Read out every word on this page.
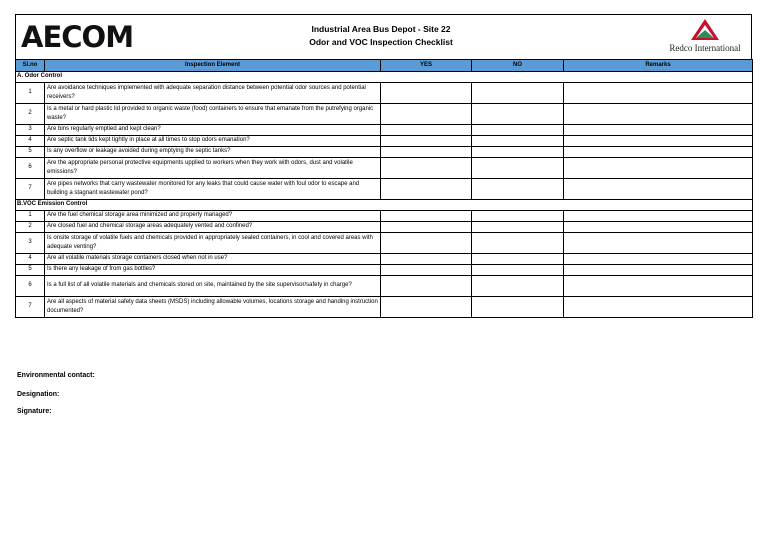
AECOM	Industrial Area Bus Depot - Site 22
Odor and VOC Inspection Checklist
Redco International
Sl.no	Inspection Element	YES	NO	Remarks
A. Odor Control				
1	Are avoidance techniques implemented with adequate separation distance between potential odor sources and potential receivers?			
2	Is a metal or hard plastic lid provided to organic waste (food) containers to ensure that emanate from the putrefying organic waste?			
3	Are bins regularly emptied and kept clean?			
4	Are septic tank lids kept tightly in place at all times to stop odors emanation?			
5	Is any overflow or leakage avoided during emptying the septic tanks?			
6	Are the appropriate personal protective equipments upplied to workers when they work with odors, dust and volatile emissions?			
7	Are pipes networks that carry wastewater monitored for any leaks that could cause water with foul odor to escape and building a stagnant wastewater pond?			
B.VOC Emission Control				
1	Are the fuel chemical storage area minimized and properly managed?			
2	Are closed fuel and chemical storage areas adequately vented and confined?			
3	Is onsite storage of volatile fuels and chemicals provided in appropriately sealed containers, in cool and covered areas with adequate venting?			
4	Are all volatile materials storage containers closed when not in use?			
5	Is there any leakage of from gas bottles?			
6	Is a full list of all volatile materials and chemicals stored on site, maintained by the site supervisor/safety in charge?			
7	Are all aspects of material safety data sheets (MSDS) including allowable volumes, locations storage and handing instruction documented?			
Environmental contact:
Designation:
Signature:
